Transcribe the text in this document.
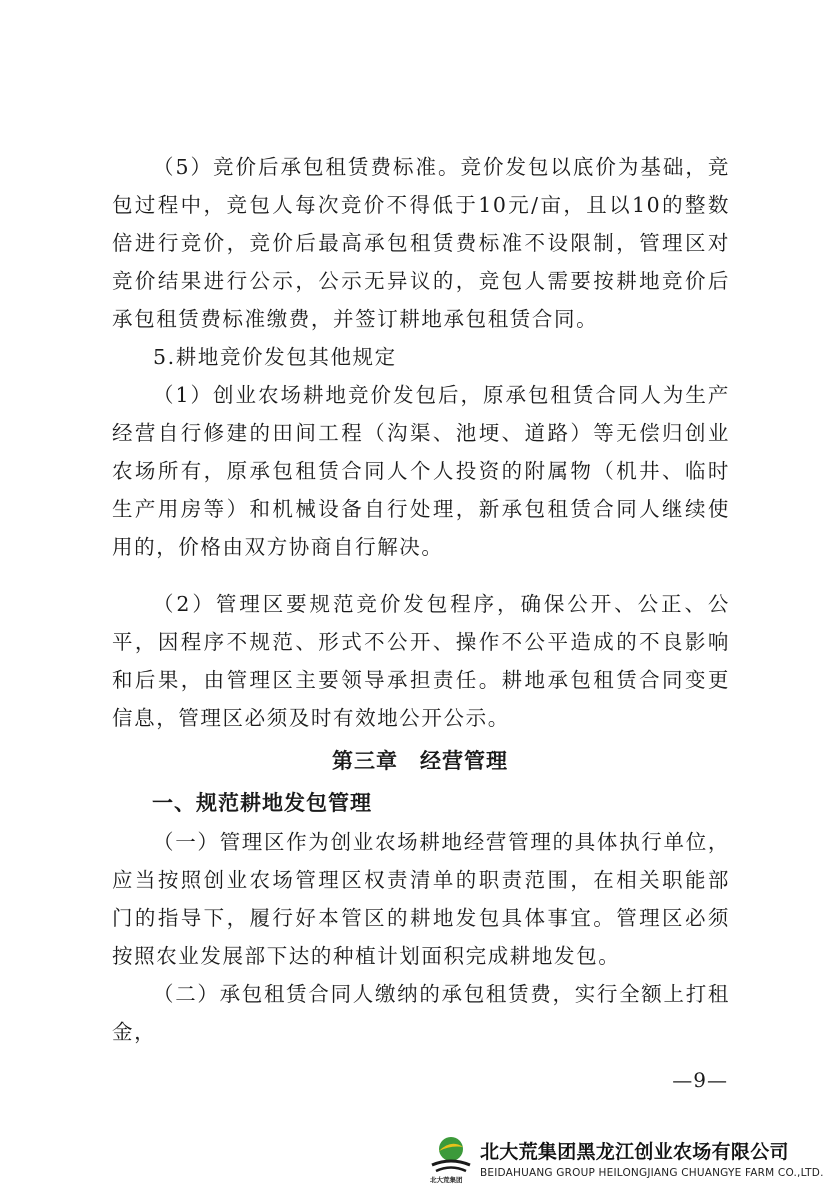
（5）竞价后承包租赁费标准。竞价发包以底价为基础，竞包过程中，竞包人每次竞价不得低于10元/亩，且以10的整数倍进行竞价，竞价后最高承包租赁费标准不设限制，管理区对竞价结果进行公示，公示无异议的，竞包人需要按耕地竞价后承包租赁费标准缴费，并签订耕地承包租赁合同。

5.耕地竞价发包其他规定

（1）创业农场耕地竞价发包后，原承包租赁合同人为生产经营自行修建的田间工程（沟渠、池埂、道路）等无偿归创业农场所有，原承包租赁合同人个人投资的附属物（机井、临时生产用房等）和机械设备自行处理，新承包租赁合同人继续使用的，价格由双方协商自行解决。

（2）管理区要规范竞价发包程序，确保公开、公正、公平，因程序不规范、形式不公开、操作不公平造成的不良影响和后果，由管理区主要领导承担责任。耕地承包租赁合同变更信息，管理区必须及时有效地公开公示。

第三章　经营管理
一、规范耕地发包管理

（一）管理区作为创业农场耕地经营管理的具体执行单位，应当按照创业农场管理区权责清单的职责范围，在相关职能部门的指导下，履行好本管区的耕地发包具体事宜。管理区必须按照农业发展部下达的种植计划面积完成耕地发包。

（二）承包租赁合同人缴纳的承包租赁费，实行全额上打租金，

—9—
北大荒集团
北大荒集团黑龙江创业农场有限公司
BEIDAHUANG GROUP HEILONGJIANG CHUANGYE FARM CO.,LTD.
